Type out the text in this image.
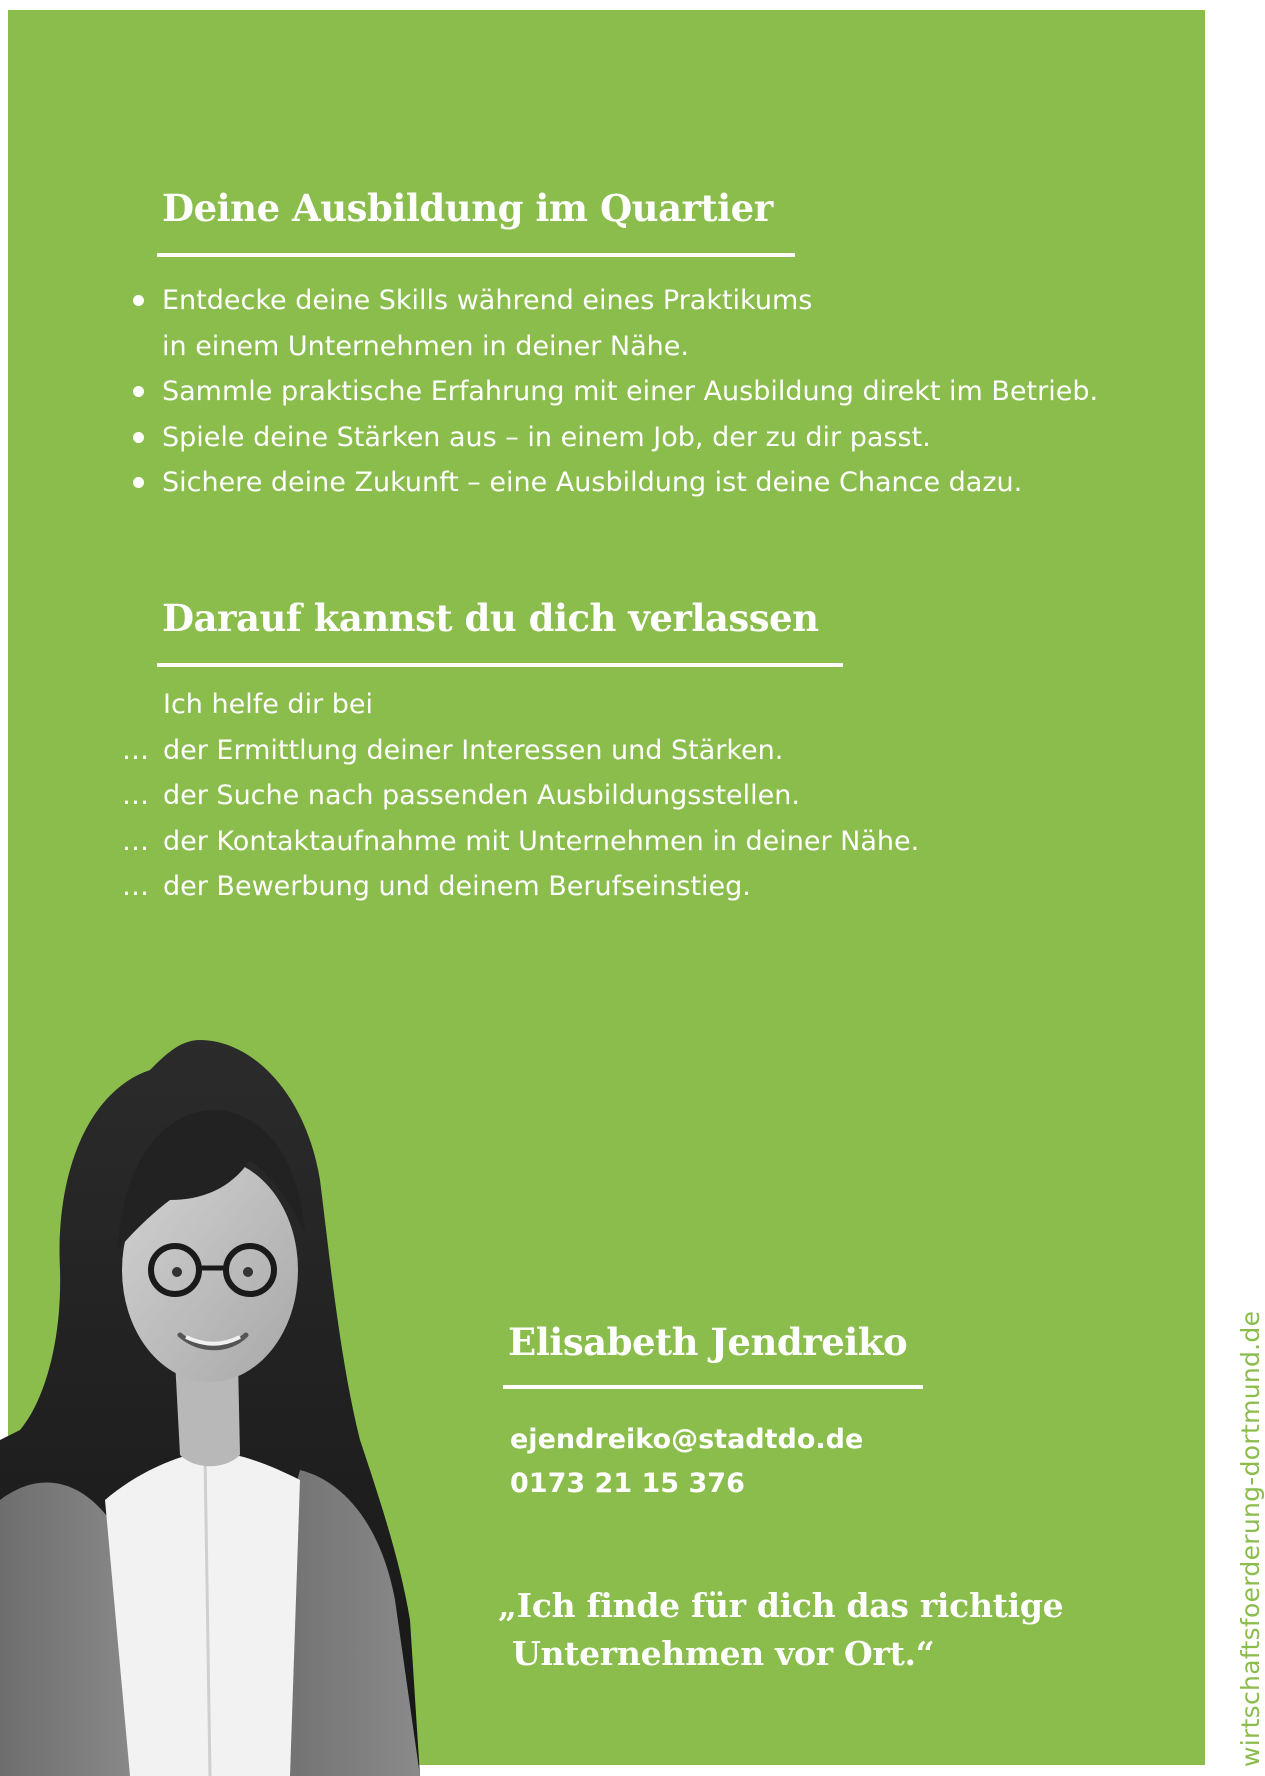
Deine Ausbildung im Quartier
Entdecke deine Skills während eines Praktikums
in einem Unternehmen in deiner Nähe.
Sammle praktische Erfahrung mit einer Ausbildung direkt im Betrieb.
Spiele deine Stärken aus – in einem Job, der zu dir passt.
Sichere deine Zukunft – eine Ausbildung ist deine Chance dazu.
Darauf kannst du dich verlassen
Ich helfe dir bei
… der Ermittlung deiner Interessen und Stärken.
… der Suche nach passenden Ausbildungsstellen.
… der Kontaktaufnahme mit Unternehmen in deiner Nähe.
… der Bewerbung und deinem Berufseinstieg.
Elisabeth Jendreiko
ejendreiko@stadtdo.de
0173 21 15 376
„Ich finde für dich das richtige
Unternehmen vor Ort.“	wirtschaftsfoerderung-dortmund.de
